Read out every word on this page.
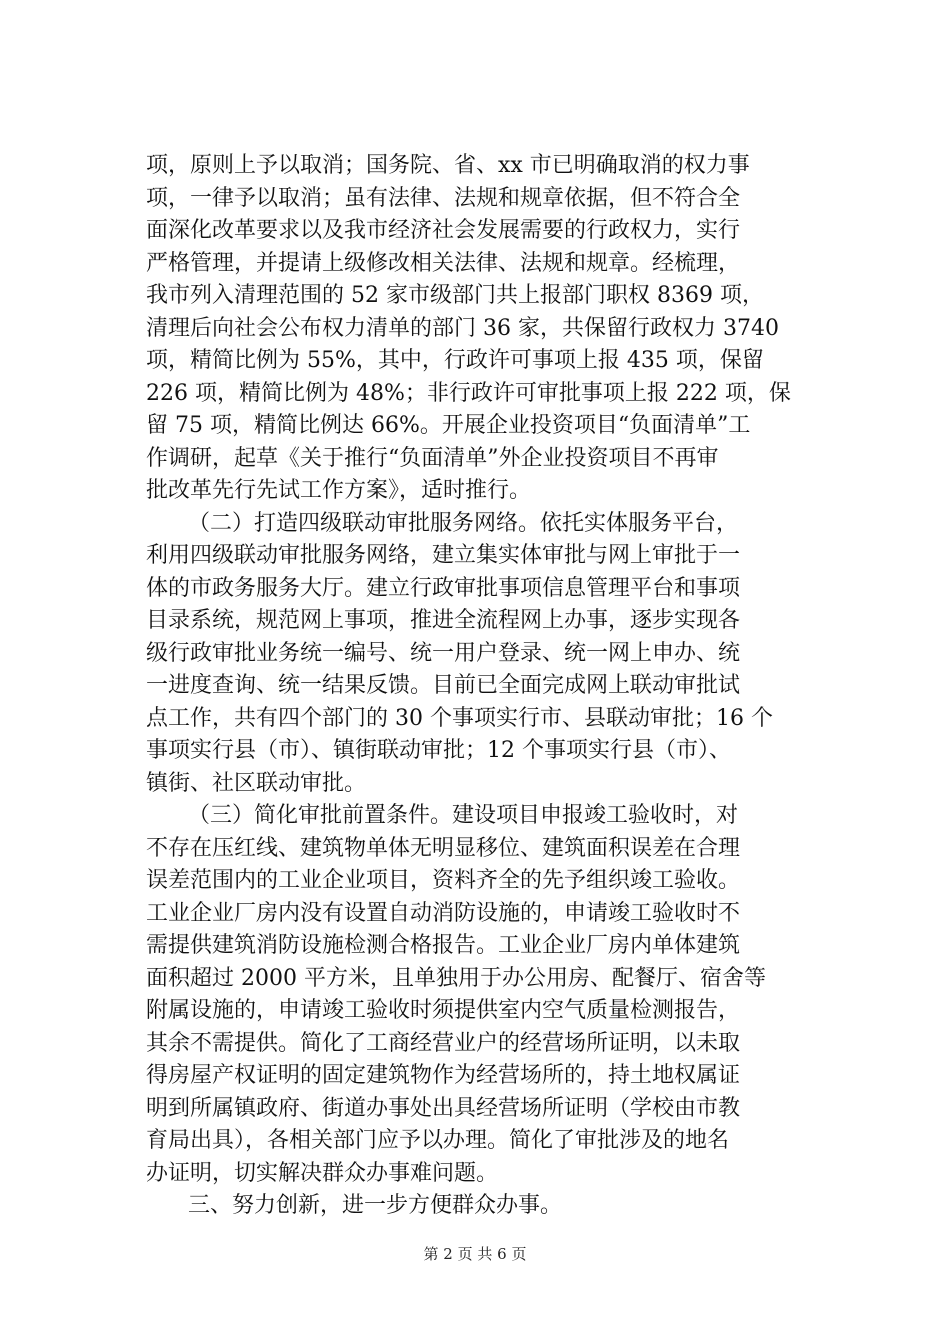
项，原则上予以取消；国务院、省、xx 市已明确取消的权力事
项，一律予以取消；虽有法律、法规和规章依据，但不符合全
面深化改革要求以及我市经济社会发展需要的行政权力，实行
严格管理，并提请上级修改相关法律、法规和规章。经梳理，
我市列入清理范围的 52 家市级部门共上报部门职权 8369 项，
清理后向社会公布权力清单的部门 36 家，共保留行政权力 3740
项，精简比例为 55%，其中，行政许可事项上报 435 项，保留
226 项，精简比例为 48%；非行政许可审批事项上报 222 项，保
留 75 项，精简比例达 66%。开展企业投资项目“负面清单”工
作调研，起草《关于推行“负面清单”外企业投资项目不再审
批改革先行先试工作方案》，适时推行。
（二）打造四级联动审批服务网络。依托实体服务平台，
利用四级联动审批服务网络，建立集实体审批与网上审批于一
体的市政务服务大厅。建立行政审批事项信息管理平台和事项
目录系统，规范网上事项，推进全流程网上办事，逐步实现各
级行政审批业务统一编号、统一用户登录、统一网上申办、统
一进度查询、统一结果反馈。目前已全面完成网上联动审批试
点工作，共有四个部门的 30 个事项实行市、县联动审批；16 个
事项实行县（市）、镇街联动审批；12 个事项实行县（市）、
镇街、社区联动审批。
（三）简化审批前置条件。建设项目申报竣工验收时，对
不存在压红线、建筑物单体无明显移位、建筑面积误差在合理
误差范围内的工业企业项目，资料齐全的先予组织竣工验收。
工业企业厂房内没有设置自动消防设施的，申请竣工验收时不
需提供建筑消防设施检测合格报告。工业企业厂房内单体建筑
面积超过 2000 平方米，且单独用于办公用房、配餐厅、宿舍等
附属设施的，申请竣工验收时须提供室内空气质量检测报告，
其余不需提供。简化了工商经营业户的经营场所证明，以未取
得房屋产权证明的固定建筑物作为经营场所的，持土地权属证
明到所属镇政府、街道办事处出具经营场所证明（学校由市教
育局出具），各相关部门应予以办理。简化了审批涉及的地名
办证明，切实解决群众办事难问题。
三、努力创新，进一步方便群众办事。
第 2 页 共 6 页
